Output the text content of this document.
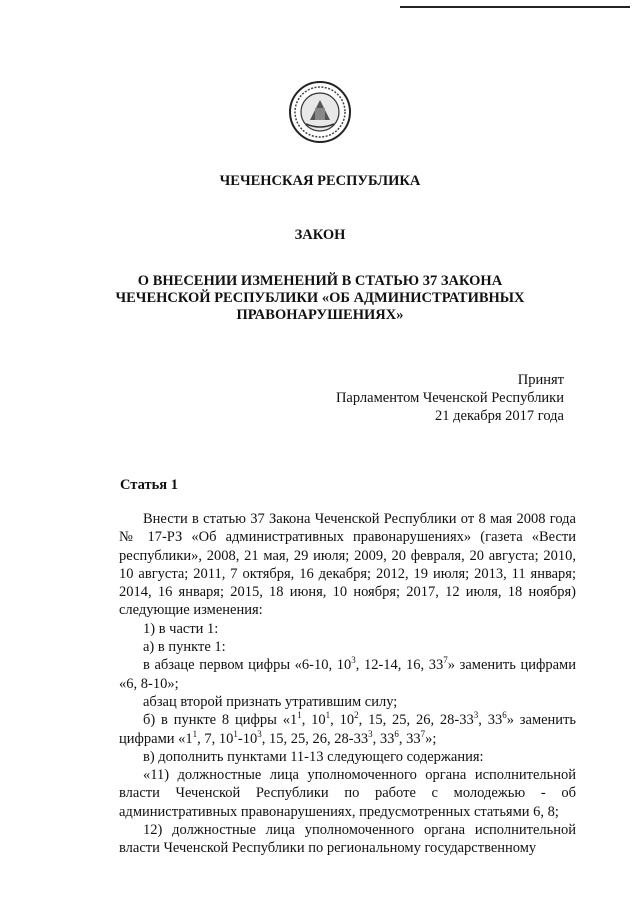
ЧЕЧЕНСКАЯ РЕСПУБЛИКА
ЗАКОН
О ВНЕСЕНИИ ИЗМЕНЕНИЙ В СТАТЬЮ 37 ЗАКОНА
ЧЕЧЕНСКОЙ РЕСПУБЛИКИ «ОБ АДМИНИСТРАТИВНЫХ
ПРАВОНАРУШЕНИЯХ»
Принят
Парламентом Чеченской Республики
21 декабря 2017 года
Статья 1

Внести в статью 37 Закона Чеченской Республики от 8 мая 2008 года № 17-РЗ «Об административных правонарушениях» (газета «Вести республики», 2008, 21 мая, 29 июля; 2009, 20 февраля, 20 августа; 2010, 10 августа; 2011, 7 октября, 16 декабря; 2012, 19 июля; 2013, 11 января; 2014, 16 января; 2015, 18 июня, 10 ноября; 2017, 12 июля, 18 ноября) следующие изменения:

1) в части 1:

а) в пункте 1:

в абзаце первом цифры «6-10, $10^3$, 12-14, 16, $33^7$» заменить цифрами «6, 8-10»;

абзац второй признать утратившим силу;

б) в пункте 8 цифры «$1^1$, $10^1$, $10^2$, 15, 25, 26, $28-33^3$, $33^6$» заменить цифрами «$1^1$, 7, $10^1-10^3$, 15, 25, 26, $28-33^3$, $33^6$, $33^7$»;

в) дополнить пунктами 11-13 следующего содержания:

«11) должностные лица уполномоченного органа исполнительной власти Чеченской Республики по работе с молодежью - об административных правонарушениях, предусмотренных статьями 6, 8;

12) должностные лица уполномоченного органа исполнительной власти Чеченской Республики по региональному государственному
